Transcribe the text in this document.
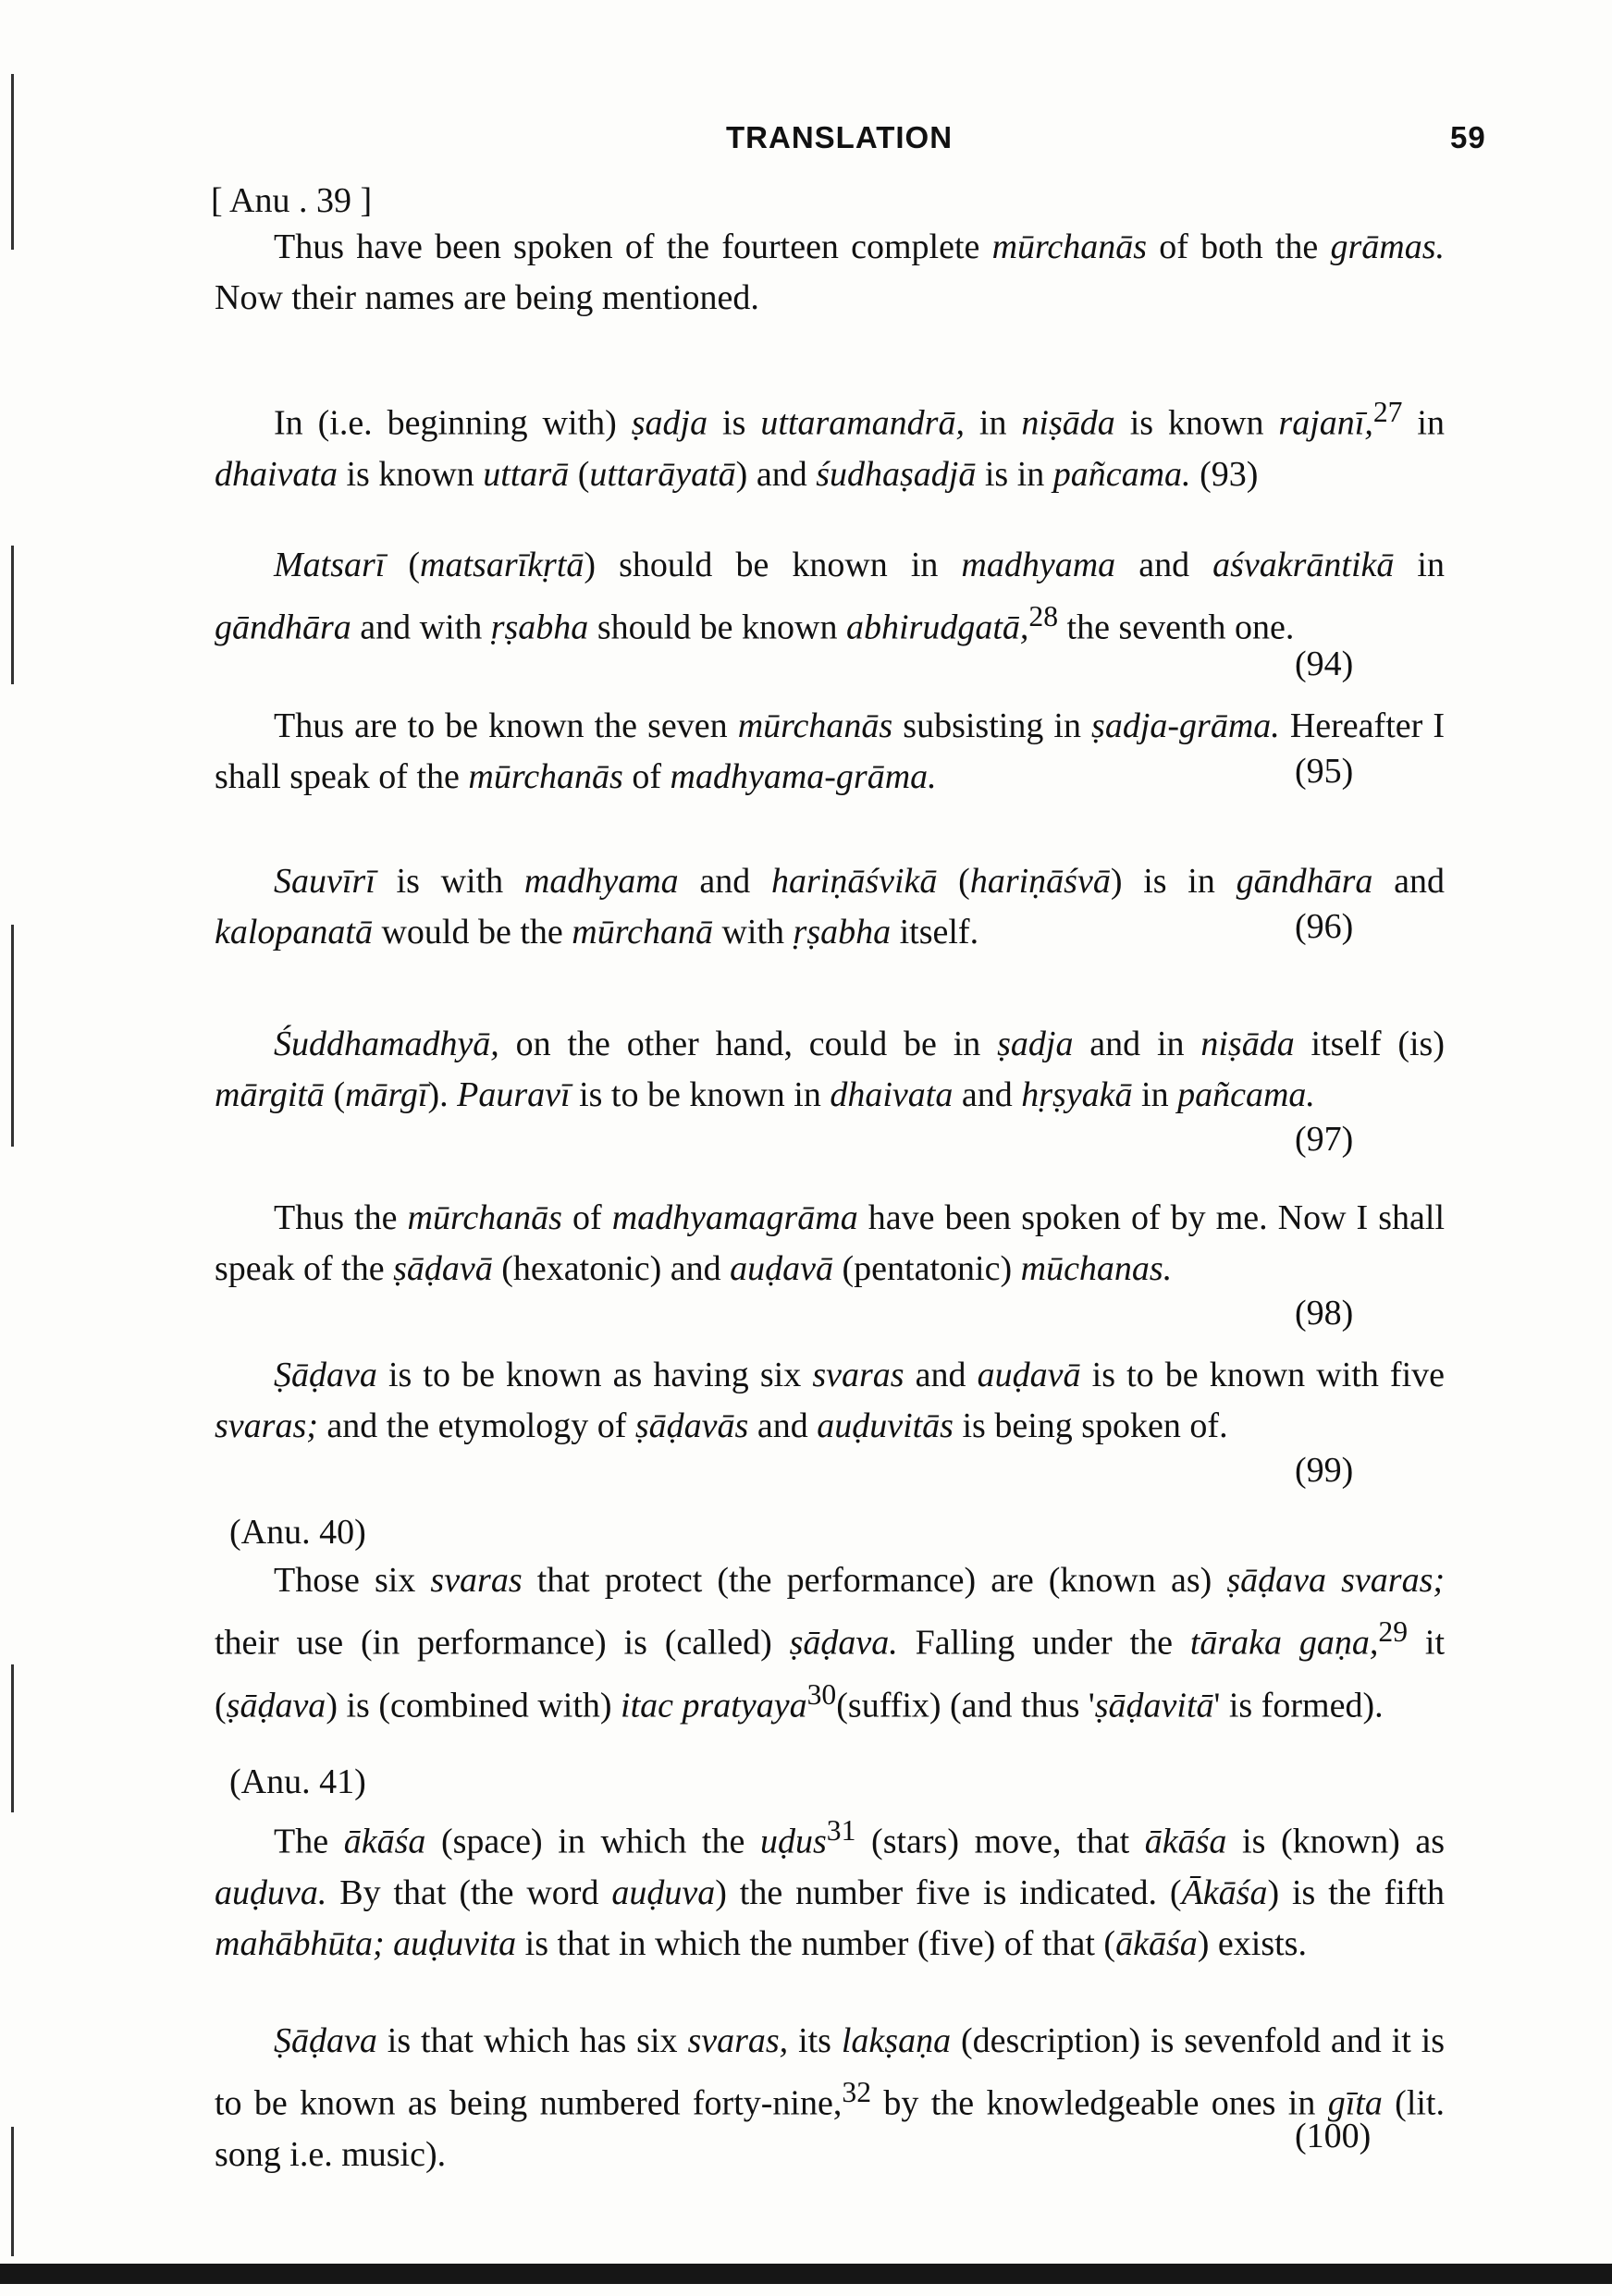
TRANSLATION	59

[ Anu . 39 ]

Thus have been spoken of the fourteen complete mūrchanās of both the grāmas. Now their names are being mentioned.

In (i.e. beginning with) ṣadja is uttaramandrā, in niṣāda is known rajanī,$^{27}$ in dhaivata is known uttarā (uttarāyatā) and śudhaṣadjā is in pañcama. (93)

Matsarī (matsarīkṛtā) should be known in madhyama and aśvakrāntikā in gāndhāra and with ṛṣabha should be known abhirudgatā,$^{28}$ the seventh one.

(94)

Thus are to be known the seven mūrchanās subsisting in ṣadja-grāma. Hereafter I shall speak of the mūrchanās of madhyama-grāma.	(95)

Sauvīrī is with madhyama and hariṇāśvikā (hariṇāśvā) is in gāndhāra and kalopanatā would be the mūrchanā with ṛṣabha itself.	(96)

Śuddhamadhyā, on the other hand, could be in ṣadja and in niṣāda itself (is) mārgitā (mārgī). Pauravī is to be known in dhaivata and hṛṣyakā in pañcama.

(97)

Thus the mūrchanās of madhyamagrāma have been spoken of by me. Now I shall speak of the ṣāḍavā (hexatonic) and auḍavā (pentatonic) mūchanas.

(98)

Ṣāḍava is to be known as having six svaras and auḍavā is to be known with five svaras; and the etymology of ṣāḍavās and auḍuvitās is being spoken of.

(99)

(Anu. 40)

Those six svaras that protect (the performance) are (known as) ṣāḍava svaras; their use (in performance) is (called) ṣāḍava. Falling under the tāraka gaṇa,$^{29}$ it (ṣāḍava) is (combined with) itac pratyaya$^{30}$(suffix) (and thus 'ṣāḍavitā' is formed).

(Anu. 41)

The ākāśa (space) in which the uḍus$^{31}$ (stars) move, that ākāśa is (known) as auḍuva. By that (the word auḍuva) the number five is indicated. (Ākāśa) is the fifth mahābhūta; auḍuvita is that in which the number (five) of that (ākāśa) exists.

Ṣāḍava is that which has six svaras, its lakṣaṇa (description) is sevenfold and it is to be known as being numbered forty-nine,$^{32}$ by the knowledgeable ones in gīta (lit. song i.e. music).	(100)
